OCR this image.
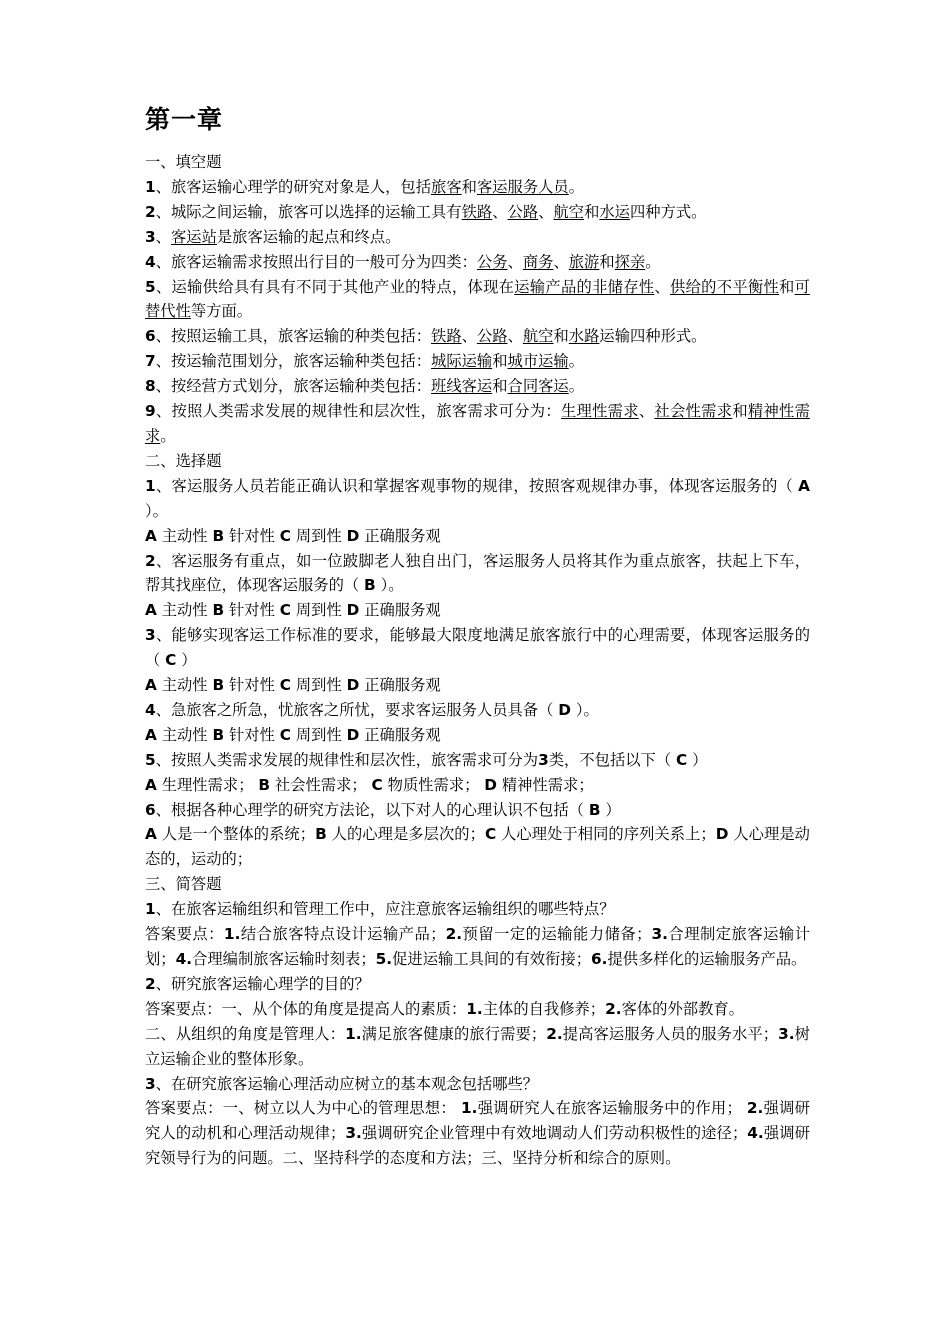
第一章
一、填空题
1、旅客运输心理学的研究对象是人，包括旅客和客运服务人员。
2、城际之间运输，旅客可以选择的运输工具有铁路、公路、航空和水运四种方式。
3、客运站是旅客运输的起点和终点。
4、旅客运输需求按照出行目的一般可分为四类：公务、商务、旅游和探亲。
5、运输供给具有具有不同于其他产业的特点，体现在运输产品的非储存性、供给的不平衡性和可替代性等方面。
6、按照运输工具，旅客运输的种类包括：铁路、公路、航空和水路运输四种形式。
7、按运输范围划分，旅客运输种类包括：城际运输和城市运输。
8、按经营方式划分，旅客运输种类包括：班线客运和合同客运。
9、按照人类需求发展的规律性和层次性，旅客需求可分为：生理性需求、社会性需求和精神性需求。
二、选择题
1、客运服务人员若能正确认识和掌握客观事物的规律，按照客观规律办事，体现客运服务的（ A ）。
A 主动性 B 针对性 C 周到性 D 正确服务观
2、客运服务有重点，如一位跛脚老人独自出门，客运服务人员将其作为重点旅客，扶起上下车，帮其找座位，体现客运服务的（ B ）。
A 主动性 B 针对性 C 周到性 D 正确服务观
3、能够实现客运工作标准的要求，能够最大限度地满足旅客旅行中的心理需要，体现客运服务的（ C ）
A 主动性 B 针对性 C 周到性 D 正确服务观
4、急旅客之所急，忧旅客之所忧，要求客运服务人员具备（ D ）。
A 主动性 B 针对性 C 周到性 D 正确服务观
5、按照人类需求发展的规律性和层次性，旅客需求可分为3类，不包括以下（ C ）
A 生理性需求； B 社会性需求； C 物质性需求； D 精神性需求；
6、根据各种心理学的研究方法论，以下对人的心理认识不包括（ B ）
A 人是一个整体的系统；B 人的心理是多层次的；C 人心理处于相同的序列关系上；D 人心理是动态的，运动的；
三、简答题
1、在旅客运输组织和管理工作中，应注意旅客运输组织的哪些特点？
答案要点：1.结合旅客特点设计运输产品；2.预留一定的运输能力储备；3.合理制定旅客运输计划；4.合理编制旅客运输时刻表；5.促进运输工具间的有效衔接；6.提供多样化的运输服务产品。
2、研究旅客运输心理学的目的？
答案要点：一、从个体的角度是提高人的素质：1.主体的自我修养；2.客体的外部教育。
二、从组织的角度是管理人：1.满足旅客健康的旅行需要；2.提高客运服务人员的服务水平；3.树立运输企业的整体形象。
3、在研究旅客运输心理活动应树立的基本观念包括哪些？
答案要点：一、树立以人为中心的管理思想： 1.强调研究人在旅客运输服务中的作用； 2.强调研究人的动机和心理活动规律；3.强调研究企业管理中有效地调动人们劳动积极性的途径；4.强调研究领导行为的问题。二、坚持科学的态度和方法；三、坚持分析和综合的原则。
